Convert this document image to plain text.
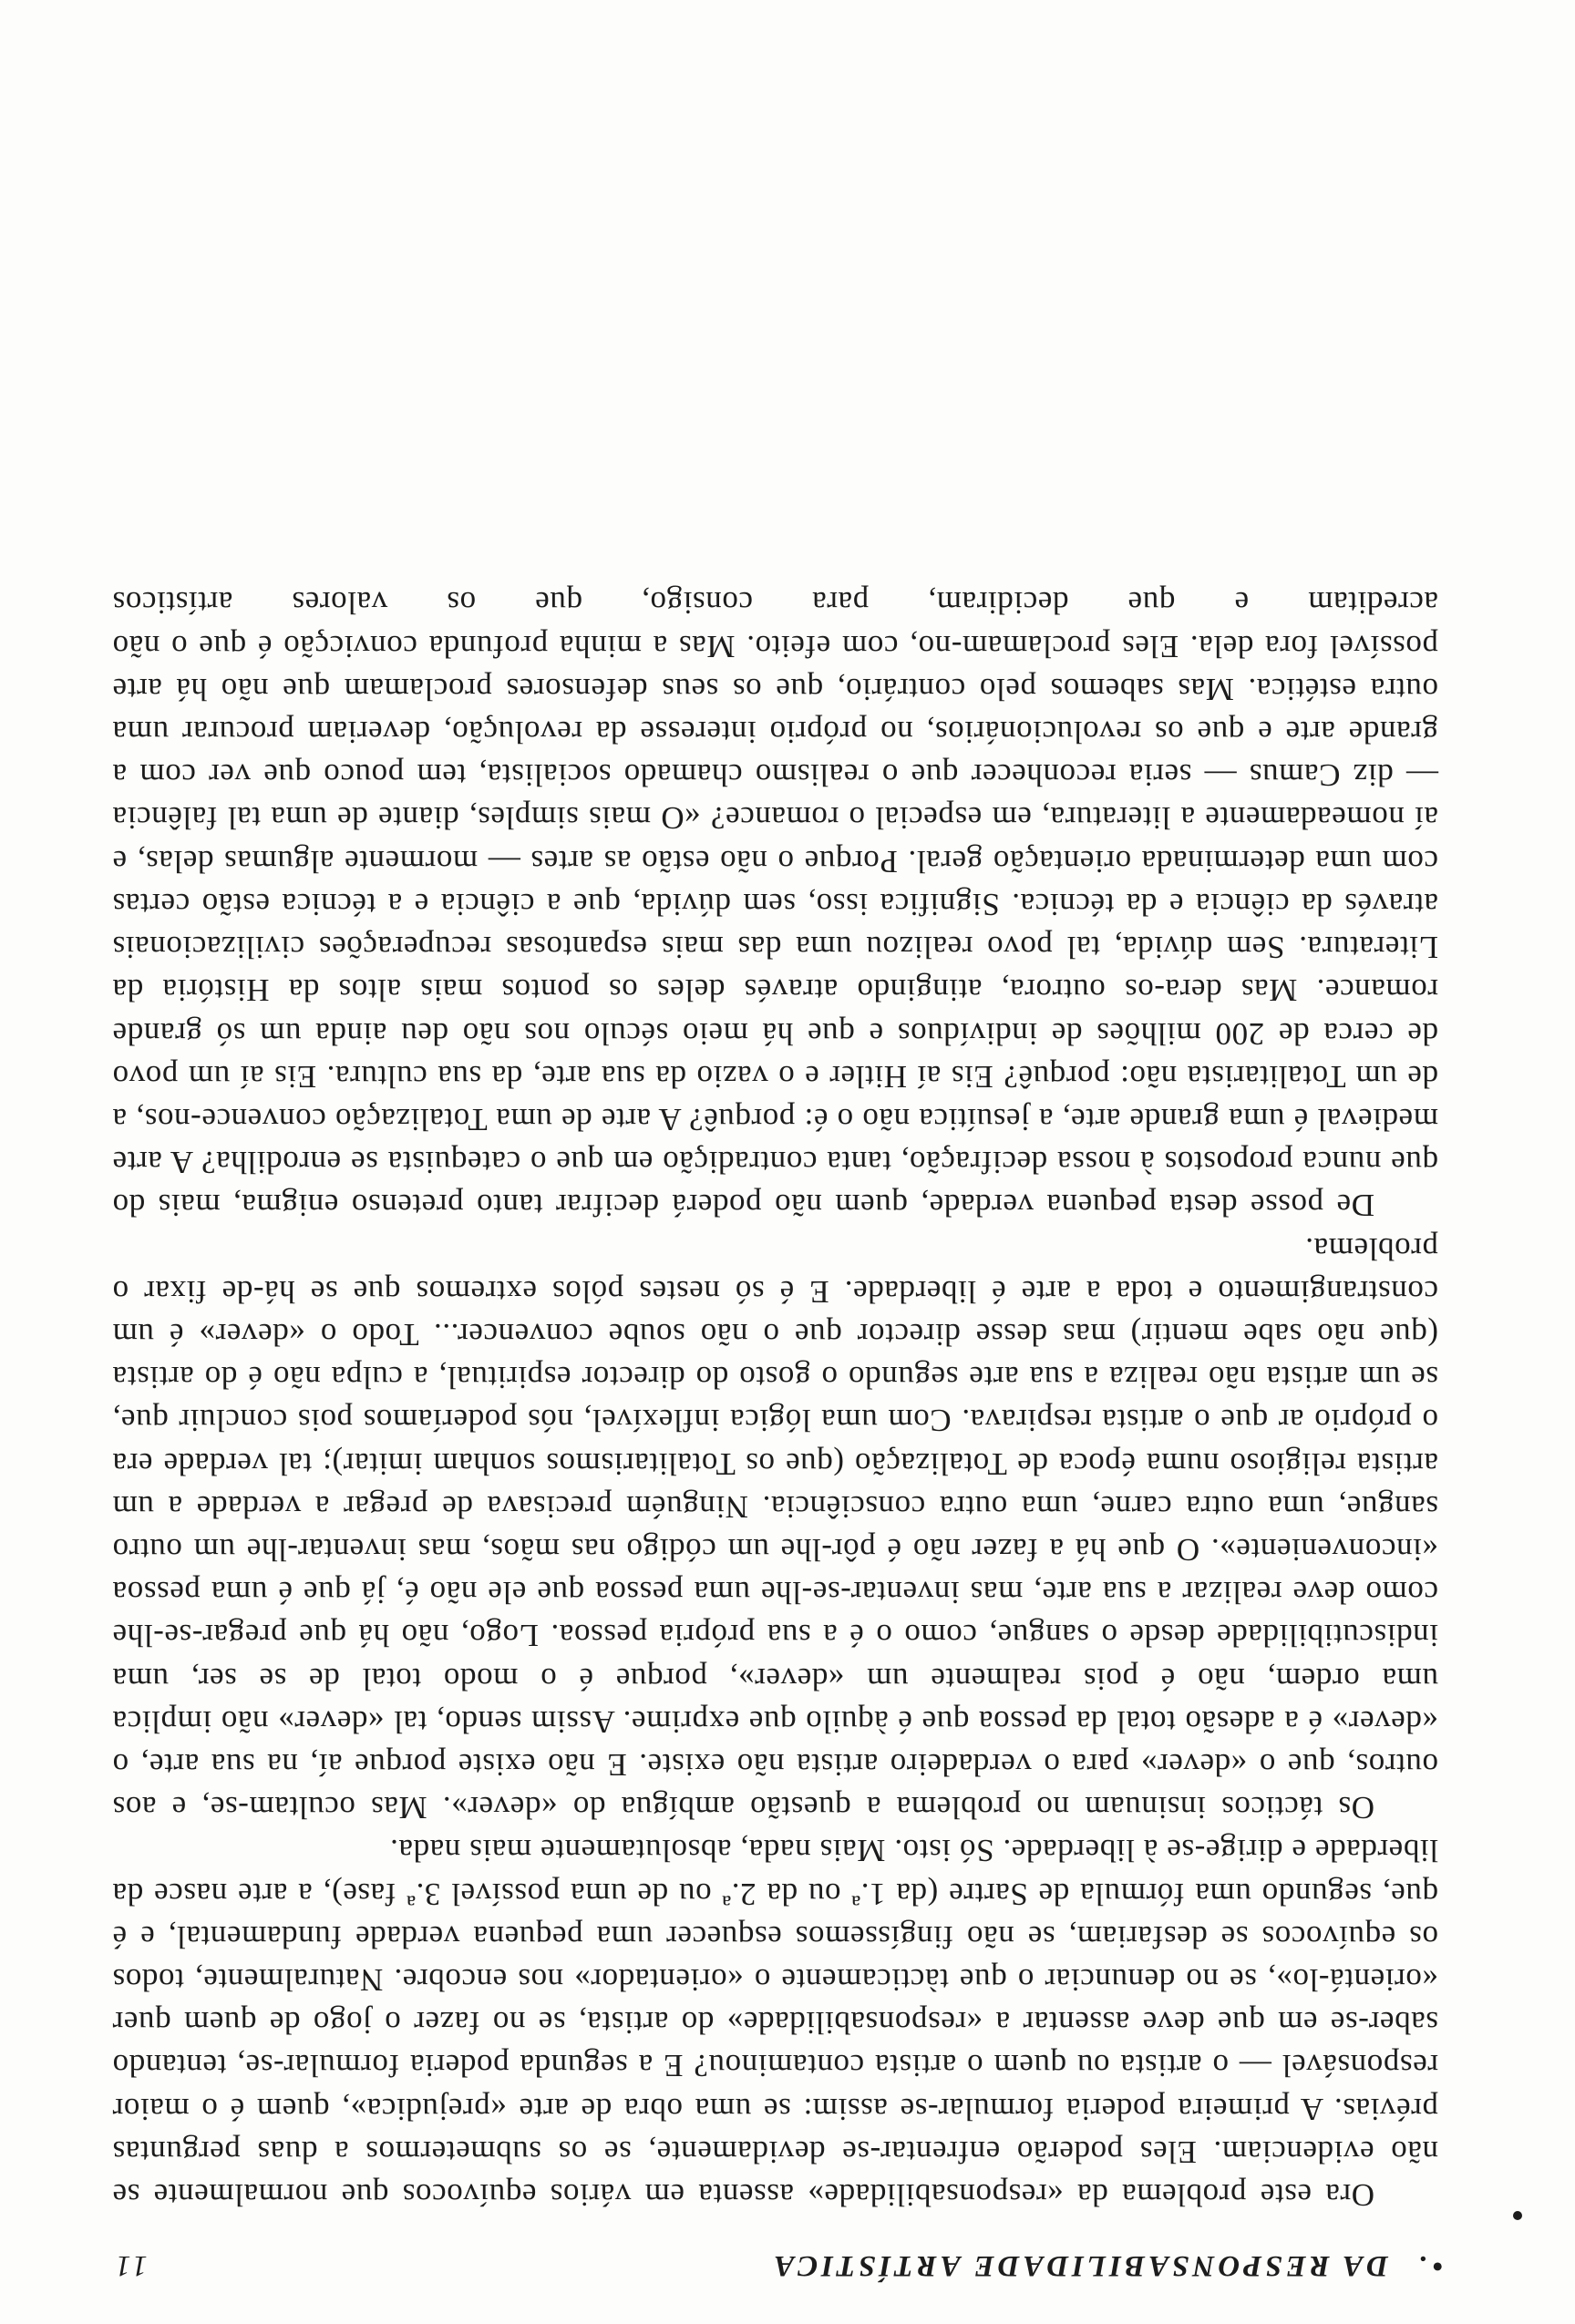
•.
DA RESPONSABILIDADE ARTÍSTICA
11

Ora este problema da «responsabilidade» assenta em vários equívocos que normalmente se não evidenciam. Eles poderão enfrentar-se devidamente, se os submetermos a duas perguntas prévias. A primeira poderia formular-se assim: se uma obra de arte «prejudica», quem é o maior responsável — o artista ou quem o artista contaminou? E a segunda poderia formular-se, tentando saber-se em que deve assentar a «responsabilidade» do artista, se no fazer o jogo de quem quer «orientá-lo», se no denunciar o que tàcticamente o «orientador» nos encobre. Naturalmente, todos os equívocos se desfariam, se não fingíssemos esquecer uma pequena verdade fundamental, e é que, segundo uma fórmula de Sartre (da 1.ª ou da 2.ª ou de uma possível 3.ª fase), a arte nasce da liberdade e dirige-se à liberdade. Só isto. Mais nada, absolutamente mais nada.

Os tácticos insinuam no problema a questão ambígua do «dever». Mas ocultam-se, e aos outros, que o «dever» para o verdadeiro artista não existe. E não existe porque aí, na sua arte, o «dever» é a adesão total da pessoa que é àquilo que exprime. Assim sendo, tal «dever» não implica uma ordem, não é pois realmente um «dever», porque é o modo total de se ser, uma indiscutibilidade desde o sangue, como o é a sua própria pessoa. Logo, não há que pregar-se-lhe como deve realizar a sua arte, mas inventar-se-lhe uma pessoa que ele não é, já que é uma pessoa «inconveniente». O que há a fazer não é pôr-lhe um código nas mãos, mas inventar-lhe um outro sangue, uma outra carne, uma outra consciência. Ninguém precisava de pregar a verdade a um artista religioso numa época de Totalização (que os Totalitarismos sonham imitar); tal verdade era o próprio ar que o artista respirava. Com uma lógica inflexível, nós poderíamos pois concluir que, se um artista não realiza a sua arte segundo o gosto do director espiritual, a culpa não é do artista (que não sabe mentir) mas desse director que o não soube convencer... Todo o «dever» é um constrangimento e toda a arte é liberdade. E é só nestes pólos extremos que se há-de fixar o problema.

De posse desta pequena verdade, quem não poderá decifrar tanto pretenso enigma, mais do que nunca propostos à nossa decifração, tanta contradição em que o catequista se enrodilha? A arte medieval é uma grande arte, a jesuítica não o é: porquê? A arte de uma Totalização convence-nos, a de um Totalitarista não: porquê? Eis aí Hitler e o vazio da sua arte, da sua cultura. Eis aí um povo de cerca de 200 milhões de indivíduos e que há meio século nos não deu ainda um só grande romance. Mas dera-os outrora, atingindo através deles os pontos mais altos da História da Literatura. Sem dúvida, tal povo realizou uma das mais espantosas recuperações civilizacionais através da ciência e da técnica. Significa isso, sem dúvida, que a ciência e a técnica estão certas com uma determinada orientação geral. Porque o não estão as artes — mormente algumas delas, e aí nomeadamente a literatura, em especial o romance? «O mais simples, diante de uma tal falência — diz Camus — seria reconhecer que o realismo chamado socialista, tem pouco que ver com a grande arte e que os revolucionários, no próprio interesse da revolução, deveriam procurar uma outra estética. Mas sabemos pelo contrário, que os seus defensores proclamam que não há arte possível fora dela. Eles proclamam-no, com efeito. Mas a minha profunda convicção é que o não acreditam e que decidiram, para consigo, que os valores artísticos
